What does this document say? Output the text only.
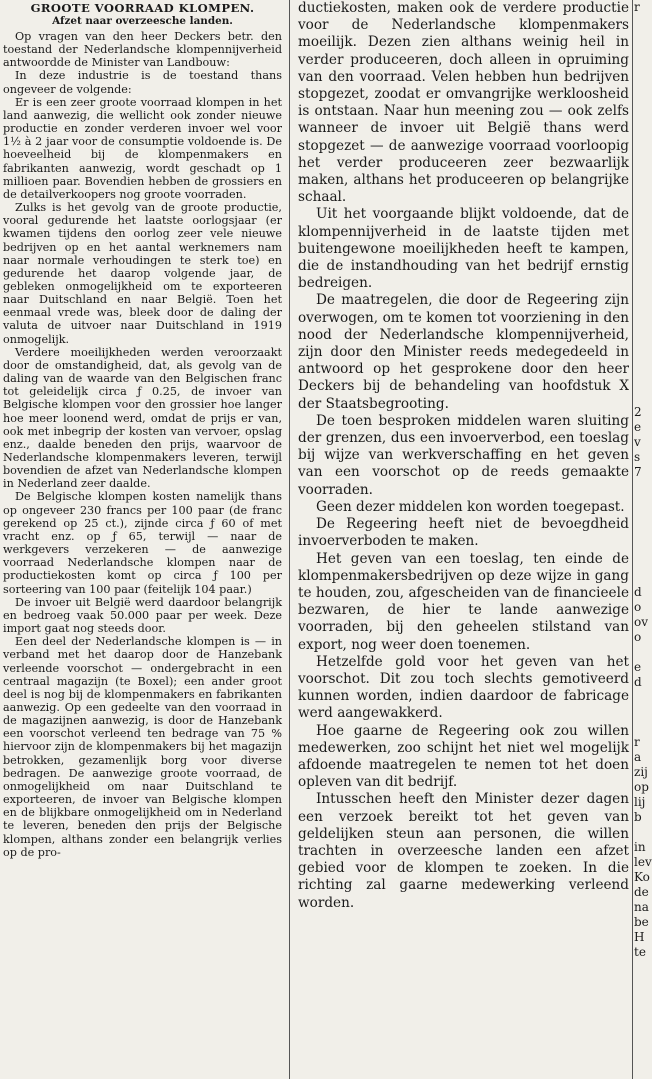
GROOTE VOORRAAD KLOMPEN.
Afzet naar overzeesche landen.

Op vragen van den heer Deckers betr. den toestand der Nederlandsche klompennijverheid antwoordde de Minister van Landbouw:

In deze industrie is de toestand thans ongeveer de volgende:

Er is een zeer groote voorraad klompen in het land aanwezig, die wellicht ook zonder nieuwe productie en zonder verderen invoer wel voor 1½ à 2 jaar voor de consumptie voldoende is. De hoeveelheid bij de klompenmakers en fabrikanten aanwezig, wordt geschadt op 1 millioen paar. Bovendien hebben de grossiers en de detailverkoopers nog groote voorraden.

Zulks is het gevolg van de groote productie, vooral gedurende het laatste oorlogsjaar (er kwamen tijdens den oorlog zeer vele nieuwe bedrijven op en het aantal werknemers nam naar normale verhoudingen te sterk toe) en gedurende het daarop volgende jaar, de gebleken onmogelijkheid om te exporteeren naar Duitschland en naar België. Toen het eenmaal vrede was, bleek door de daling der valuta de uitvoer naar Duitschland in 1919 onmogelijk.

Verdere moeilijkheden werden veroorzaakt door de omstandigheid, dat, als gevolg van de daling van de waarde van den Belgischen franc tot geleidelijk circa ƒ 0.25, de invoer van Belgische klompen voor den grossier hoe langer hoe meer loonend werd, omdat de prijs er van, ook met inbegrip der kosten van vervoer, opslag enz., daalde beneden den prijs, waarvoor de Nederlandsche klompenmakers leveren, terwijl bovendien de afzet van Nederlandsche klompen in Nederland zeer daalde.

De Belgische klompen kosten namelijk thans op ongeveer 230 francs per 100 paar (de franc gerekend op 25 ct.), zijnde circa ƒ 60 of met vracht enz. op ƒ 65, terwijl — naar de werkgevers verzekeren — de aanwezige voorraad Nederlandsche klompen naar de productiekosten komt op circa ƒ 100 per sorteering van 100 paar (feitelijk 104 paar.)

De invoer uit België werd daardoor belangrijk en bedroeg vaak 50.000 paar per week. Deze import gaat nog steeds door.

Een deel der Nederlandsche klompen is — in verband met het daarop door de Hanzebank verleende voorschot — ondergebracht in een centraal magazijn (te Boxel); een ander groot deel is nog bij de klompenmakers en fabrikanten aanwezig. Op een gedeelte van den voorraad in de magazijnen aanwezig, is door de Hanzebank een voorschot verleend ten bedrage van 75 % hiervoor zijn de klompenmakers bij het magazijn betrokken, gezamenlijk borg voor diverse bedragen. De aanwezige groote voorraad, de onmogelijkheid om naar Duitschland te exporteeren, de invoer van Belgische klompen en de blijkbare onmogelijkheid om in Nederland te leveren, beneden den prijs der Belgische klompen, althans zonder een belangrijk verlies op de pro-

ductiekosten, maken ook de verdere productie voor de Nederlandsche klompenmakers moeilijk. Dezen zien althans weinig heil in verder produceeren, doch alleen in opruiming van den voorraad. Velen hebben hun bedrijven stopgezet, zoodat er omvangrijke werkloosheid is ontstaan. Naar hun meening zou — ook zelfs wanneer de invoer uit België thans werd stopgezet — de aanwezige voorraad voorloopig het verder produceeren zeer bezwaarlijk maken, althans het produceeren op belangrijke schaal.

Uit het voorgaande blijkt voldoende, dat de klompennijverheid in de laatste tijden met buitengewone moeilijkheden heeft te kampen, die de instandhouding van het bedrijf ernstig bedreigen.

De maatregelen, die door de Regeering zijn overwogen, om te komen tot voorziening in den nood der Nederlandsche klompennijverheid, zijn door den Minister reeds medegedeeld in antwoord op het gesprokene door den heer Deckers bij de behandeling van hoofdstuk X der Staatsbegrooting.

De toen besproken middelen waren sluiting der grenzen, dus een invoerverbod, een toeslag bij wijze van werkverschaffing en het geven van een voorschot op de reeds gemaakte voorraden.

Geen dezer middelen kon worden toegepast.

De Regeering heeft niet de bevoegdheid invoerverboden te maken.

Het geven van een toeslag, ten einde de klompenmakersbedrijven op deze wijze in gang te houden, zou, afgescheiden van de financieele bezwaren, de hier te lande aanwezige voorraden, bij den geheelen stilstand van export, nog weer doen toenemen.

Hetzelfde gold voor het geven van het voorschot. Dit zou toch slechts gemotiveerd kunnen worden, indien daardoor de fabricage werd aangewakkerd.

Hoe gaarne de Regeering ook zou willen medewerken, zoo schijnt het niet wel mogelijk afdoende maatregelen te nemen tot het doen opleven van dit bedrijf.

Intusschen heeft den Minister dezer dagen een verzoek bereikt tot het geven van geldelijken steun aan personen, die willen trachten in overzeesche landen een afzet gebied voor de klompen te zoeken. In die richting zal gaarne medewerking verleend worden.

r

2
e
v
s
7

d
o
ov
o

e
d

r
a
zij
op
lij
b

in
lev
Ko
de
na
be
H
te
